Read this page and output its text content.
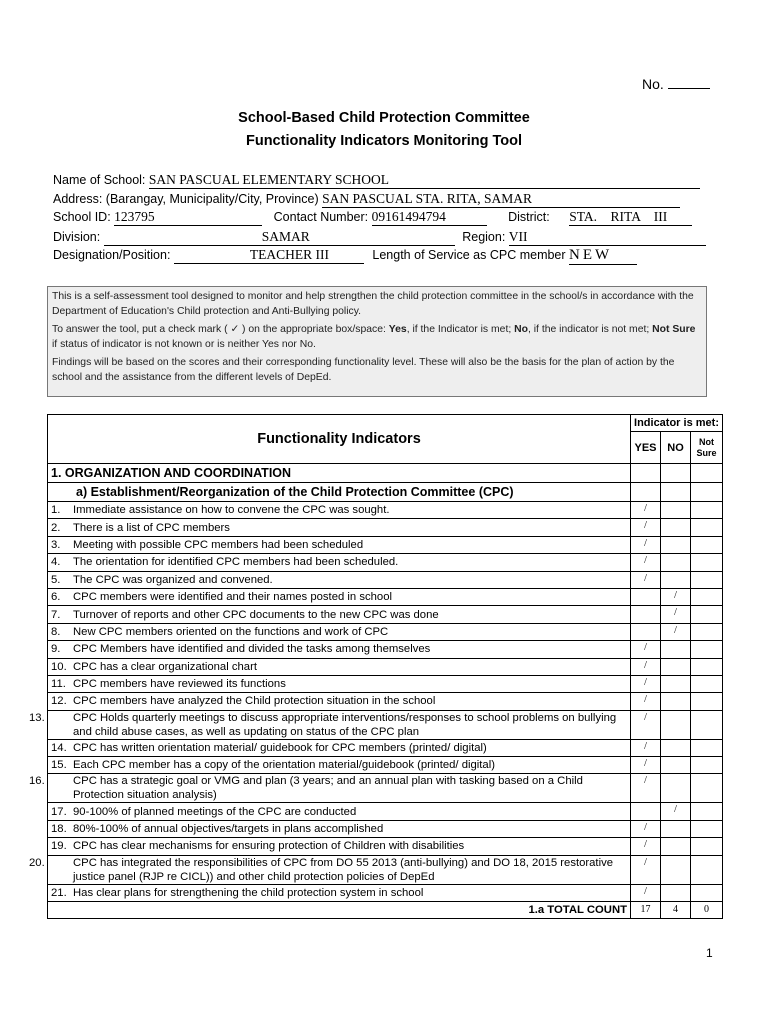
No.
School-Based Child Protection Committee
Functionality Indicators Monitoring Tool
Name of School: SAN PASCUAL ELEMENTARY SCHOOL
Address: (Barangay, Municipality/City, Province) SAN PASCUAL STA. RITA, SAMAR
School ID: 123795	Contact Number: 09161494794	District: STA.    RITA    III
Division:	SAMAR	Region: VII
Designation/Position:	TEACHER III	Length of Service as CPC member NEW

This is a self-assessment tool designed to monitor and help strengthen the child protection committee in the school/s in accordance with the Department of Education's Child protection and Anti-Bullying policy.

To answer the tool, put a check mark ( ✓ ) on the appropriate box/space: Yes, if the Indicator is met; No, if the indicator is not met; Not Sure if status of indicator is not known or is neither Yes nor No.

Findings will be based on the scores and their corresponding functionality level. These will also be the basis for the plan of action by the school and the assistance from the different levels of DepEd.

Functionality Indicators	Indicator is met:		
	YES	NO	Not Sure
1. ORGANIZATION AND COORDINATION			
a) Establishment/Reorganization of the Child Protection Committee (CPC)			
1. Immediate assistance on how to convene the CPC was sought.	/		
2. There is a list of CPC members	/		
3. Meeting with possible CPC members had been scheduled	/		
4. The orientation for identified CPC members had been scheduled.	/		
5. The CPC was organized and convened.	/		
6. CPC members were identified and their names posted in school		/	
7. Turnover of reports and other CPC documents to the new CPC was done		/	
8. New CPC members oriented on the functions and work of CPC		/	
9. CPC Members have identified and divided the tasks among themselves	/		
10. CPC has a clear organizational chart	/		
11. CPC members have reviewed its functions	/		
12. CPC members have analyzed the Child protection situation in the school	/		
13. CPC Holds quarterly meetings to discuss appropriate interventions/responses to school problems on bullying and child abuse cases, as well as updating on status of the CPC plan	/		
14. CPC has written orientation material/ guidebook for CPC members (printed/ digital)	/		
15. Each CPC member has a copy of the orientation material/guidebook (printed/ digital)	/		
16. CPC has a strategic goal or VMG and plan (3 years; and an annual plan with tasking based on a Child Protection situation analysis)	/		
17. 90-100% of planned meetings of the CPC are conducted		/	
18. 80%-100% of annual objectives/targets in plans accomplished	/		
19. CPC has clear mechanisms for ensuring protection of Children with disabilities	/		
20. CPC has integrated the responsibilities of CPC from DO 55 2013 (anti-bullying) and DO 18, 2015 restorative justice panel (RJP re CICL)) and other child protection policies of DepEd	/		
21. Has clear plans for strengthening the child protection system in school	/		
1.a TOTAL COUNT	17	4	0
1
